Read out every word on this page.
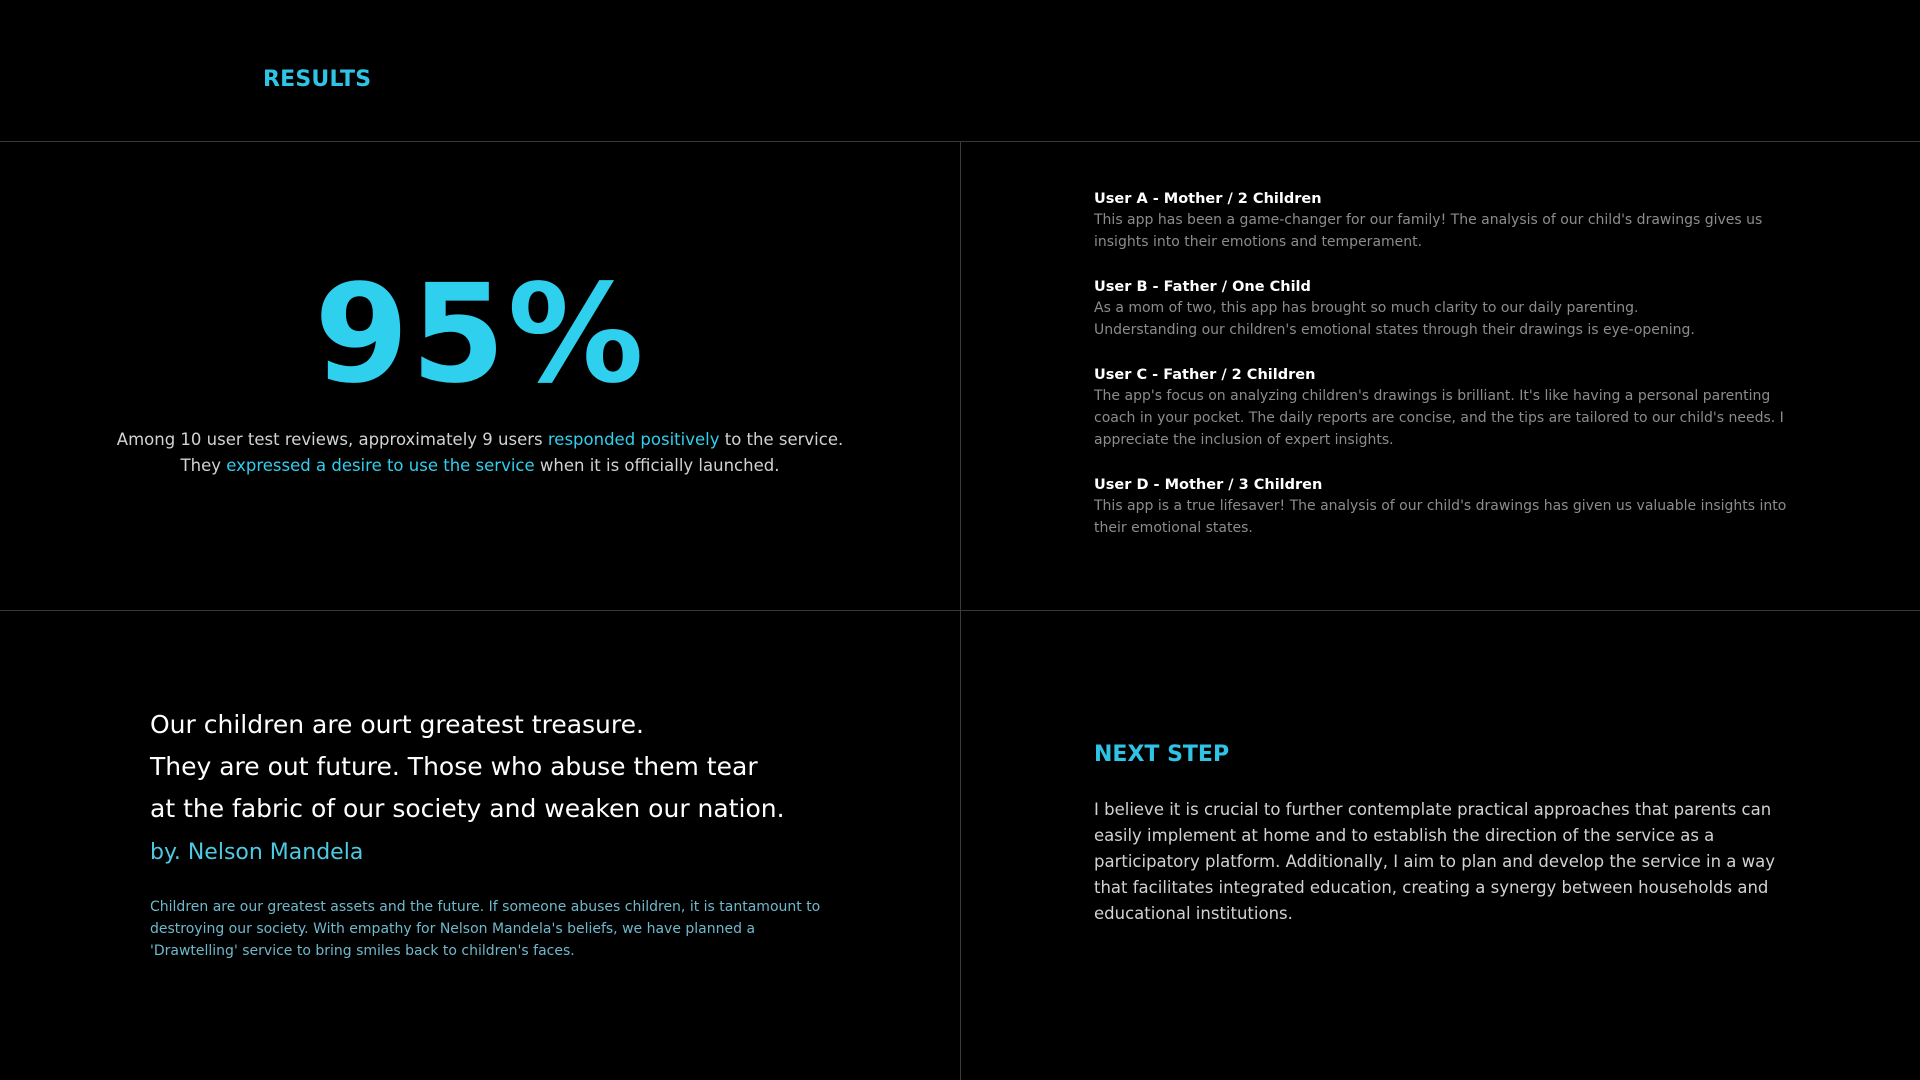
RESULTS
95%
Among 10 user test reviews, approximately 9 users responded positively to the service.
They expressed a desire to use the service when it is officially launched.
User A - Mother / 2 Children
This app has been a game-changer for our family! The analysis of our child's drawings gives us insights into their emotions and temperament.
User B - Father / One Child
As a mom of two, this app has brought so much clarity to our daily parenting. Understanding our children's emotional states through their drawings is eye-opening.
User C - Father / 2 Children
The app's focus on analyzing children's drawings is brilliant. It's like having a personal parenting coach in your pocket. The daily reports are concise, and the tips are tailored to our child's needs. I appreciate the inclusion of expert insights.
User D - Mother / 3 Children
This app is a true lifesaver! The analysis of our child's drawings has given us valuable insights into their emotional states.
Our children are ourt greatest treasure.
They are out future. Those who abuse them tear
at the fabric of our society and weaken our nation.
by. Nelson Mandela
Children are our greatest assets and the future. If someone abuses children, it is tantamount to destroying our society. With empathy for Nelson Mandela's beliefs, we have planned a 'Drawtelling' service to bring smiles back to children's faces.
NEXT STEP
I believe it is crucial to further contemplate practical approaches that parents can easily implement at home and to establish the direction of the service as a participatory platform. Additionally, I aim to plan and develop the service in a way that facilitates integrated education, creating a synergy between households and educational institutions.
